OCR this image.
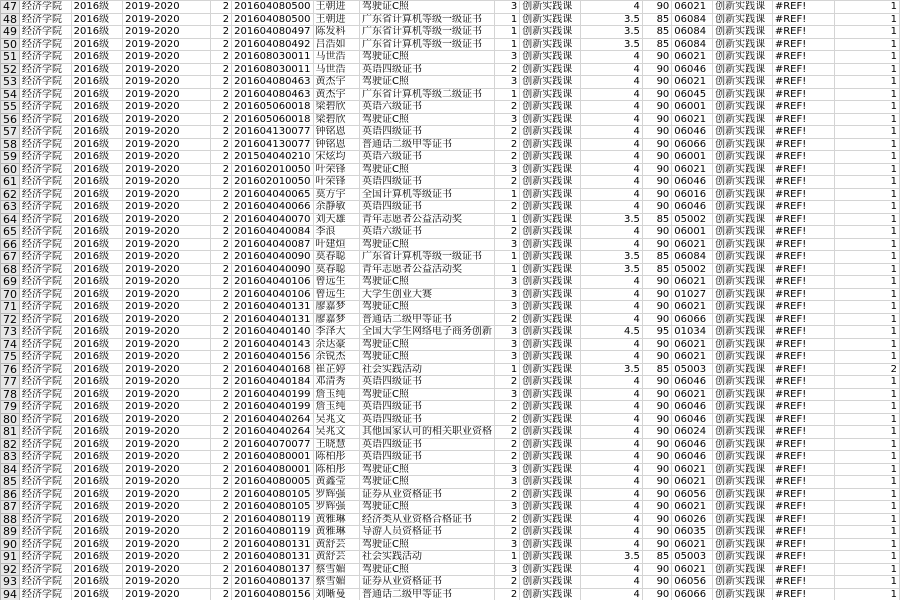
47	经济学院	2016级	2019-2020	2	201604080500	王朝进	驾驶证C照	3	创新实践课	4	90	06021	创新实践课	#REF!	1
48	经济学院	2016级	2019-2020	2	201604080500	王朝进	广东省计算机等级一级证书	1	创新实践课	3.5	85	06084	创新实践课	#REF!	1
49	经济学院	2016级	2019-2020	2	201604080497	陈发科	广东省计算机等级一级证书	1	创新实践课	3.5	85	06084	创新实践课	#REF!	1
50	经济学院	2016级	2019-2020	2	201604080492	吕浩如	广东省计算机等级一级证书	1	创新实践课	3.5	85	06084	创新实践课	#REF!	1
51	经济学院	2016级	2019-2020	2	201608030011	马世浩	驾驶证C照	3	创新实践课	4	90	06021	创新实践课	#REF!	1
52	经济学院	2016级	2019-2020	2	201608030011	马世浩	英语四级证书	2	创新实践课	4	90	06046	创新实践课	#REF!	1
53	经济学院	2016级	2019-2020	2	201604080463	黄杰宇	驾驶证C照	3	创新实践课	4	90	06021	创新实践课	#REF!	1
54	经济学院	2016级	2019-2020	2	201604080463	黄杰宇	广东省计算机等级二级证书	1	创新实践课	4	90	06045	创新实践课	#REF!	1
55	经济学院	2016级	2019-2020	2	201605060018	梁碧欣	英语六级证书	2	创新实践课	4	90	06001	创新实践课	#REF!	1
56	经济学院	2016级	2019-2020	2	201605060018	梁碧欣	驾驶证C照	3	创新实践课	4	90	06021	创新实践课	#REF!	1
57	经济学院	2016级	2019-2020	2	201604130077	钟铭恩	英语四级证书	2	创新实践课	4	90	06046	创新实践课	#REF!	1
58	经济学院	2016级	2019-2020	2	201604130077	钟铭恩	普通话二级甲等证书	2	创新实践课	4	90	06066	创新实践课	#REF!	1
59	经济学院	2016级	2019-2020	2	201504040210	宋炫均	英语六级证书	2	创新实践课	4	90	06001	创新实践课	#REF!	1
60	经济学院	2016级	2019-2020	2	201602010050	叶荣锋	驾驶证C照	3	创新实践课	4	90	06021	创新实践课	#REF!	1
61	经济学院	2016级	2019-2020	2	201602010050	叶荣锋	英语四级证书	2	创新实践课	4	90	06046	创新实践课	#REF!	1
62	经济学院	2016级	2019-2020	2	201604040065	莫方宇	全国计算机等级证书	1	创新实践课	4	90	06016	创新实践课	#REF!	1
63	经济学院	2016级	2019-2020	2	201604040066	余静敏	英语四级证书	2	创新实践课	4	90	06046	创新实践课	#REF!	1
64	经济学院	2016级	2019-2020	2	201604040070	刘天雄	青年志愿者公益活动奖	1	创新实践课	3.5	85	05002	创新实践课	#REF!	1
65	经济学院	2016级	2019-2020	2	201604040084	李浪	英语六级证书	2	创新实践课	4	90	06001	创新实践课	#REF!	1
66	经济学院	2016级	2019-2020	2	201604040087	叶建烜	驾驶证C照	3	创新实践课	4	90	06021	创新实践课	#REF!	1
67	经济学院	2016级	2019-2020	2	201604040090	莫春聪	广东省计算机等级一级证书	1	创新实践课	3.5	85	06084	创新实践课	#REF!	1
68	经济学院	2016级	2019-2020	2	201604040090	莫春聪	青年志愿者公益活动奖	1	创新实践课	3.5	85	05002	创新实践课	#REF!	1
69	经济学院	2016级	2019-2020	2	201604040106	曾远生	驾驶证C照	3	创新实践课	4	90	06021	创新实践课	#REF!	1
70	经济学院	2016级	2019-2020	2	201604040106	曾远生	大学生创业大赛	3	创新实践课	4	90	01027	创新实践课	#REF!	1
71	经济学院	2016级	2019-2020	2	201604040131	廖嘉梦	驾驶证C照	3	创新实践课	4	90	06021	创新实践课	#REF!	1
72	经济学院	2016级	2019-2020	2	201604040131	廖嘉梦	普通话二级甲等证书	2	创新实践课	4	90	06066	创新实践课	#REF!	1
73	经济学院	2016级	2019-2020	2	201604040140	李泽大	全国大学生网络电子商务创新	3	创新实践课	4.5	95	01034	创新实践课	#REF!	1
74	经济学院	2016级	2019-2020	2	201604040143	余达豪	驾驶证C照	3	创新实践课	4	90	06021	创新实践课	#REF!	1
75	经济学院	2016级	2019-2020	2	201604040156	余锐杰	驾驶证C照	3	创新实践课	4	90	06021	创新实践课	#REF!	1
76	经济学院	2016级	2019-2020	2	201604040168	崔芷婷	社会实践活动	1	创新实践课	3.5	85	05003	创新实践课	#REF!	2
77	经济学院	2016级	2019-2020	2	201604040184	邓清秀	英语四级证书	2	创新实践课	4	90	06046	创新实践课	#REF!	1
78	经济学院	2016级	2019-2020	2	201604040199	詹玉纯	驾驶证C照	3	创新实践课	4	90	06021	创新实践课	#REF!	1
79	经济学院	2016级	2019-2020	2	201604040199	詹玉纯	英语四级证书	2	创新实践课	4	90	06046	创新实践课	#REF!	1
80	经济学院	2016级	2019-2020	2	201604040264	吴兆文	英语四级证书	2	创新实践课	4	90	06046	创新实践课	#REF!	1
81	经济学院	2016级	2019-2020	2	201604040264	吴兆文	其他国家认可的相关职业资格	2	创新实践课	4	90	06024	创新实践课	#REF!	1
82	经济学院	2016级	2019-2020	2	201604070077	王晓慧	英语四级证书	2	创新实践课	4	90	06046	创新实践课	#REF!	1
83	经济学院	2016级	2019-2020	2	201604080001	陈柏彤	英语四级证书	2	创新实践课	4	90	06046	创新实践课	#REF!	1
84	经济学院	2016级	2019-2020	2	201604080001	陈柏彤	驾驶证C照	3	创新实践课	4	90	06021	创新实践课	#REF!	1
85	经济学院	2016级	2019-2020	2	201604080005	黄鑫莹	驾驶证C照	3	创新实践课	4	90	06021	创新实践课	#REF!	1
86	经济学院	2016级	2019-2020	2	201604080105	罗辉强	证券从业资格证书	2	创新实践课	4	90	06056	创新实践课	#REF!	1
87	经济学院	2016级	2019-2020	2	201604080105	罗辉强	驾驶证C照	3	创新实践课	4	90	06021	创新实践课	#REF!	1
88	经济学院	2016级	2019-2020	2	201604080119	黄雅琳	经济类从业资格合格证书	2	创新实践课	4	90	06026	创新实践课	#REF!	1
89	经济学院	2016级	2019-2020	2	201604080119	黄雅琳	导游人员资格证书	2	创新实践课	4	90	06035	创新实践课	#REF!	1
90	经济学院	2016级	2019-2020	2	201604080131	黄舒芸	驾驶证C照	3	创新实践课	4	90	06021	创新实践课	#REF!	1
91	经济学院	2016级	2019-2020	2	201604080131	黄舒芸	社会实践活动	1	创新实践课	3.5	85	05003	创新实践课	#REF!	1
92	经济学院	2016级	2019-2020	2	201604080137	蔡雪媚	驾驶证C照	3	创新实践课	4	90	06021	创新实践课	#REF!	1
93	经济学院	2016级	2019-2020	2	201604080137	蔡雪媚	证券从业资格证书	2	创新实践课	4	90	06056	创新实践课	#REF!	1
94	经济学院	2016级	2019-2020	2	201604080156	刘晰曼	普通话二级甲等证书	2	创新实践课	4	90	06066	创新实践课	#REF!	1
